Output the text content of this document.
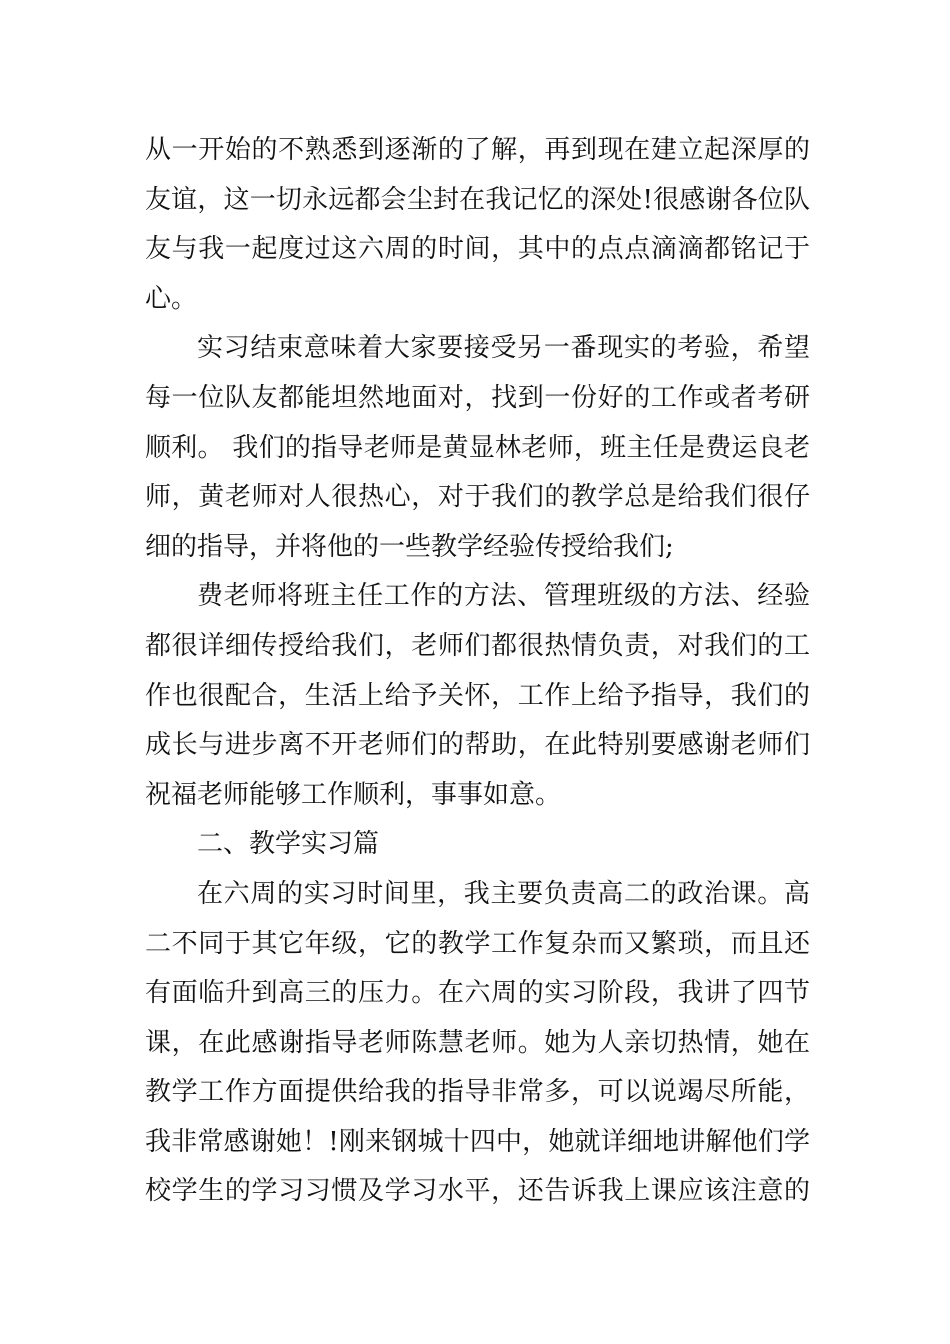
从一开始的不熟悉到逐渐的了解，再到现在建立起深厚的
友谊，这一切永远都会尘封在我记忆的深处!很感谢各位队
友与我一起度过这六周的时间，其中的点点滴滴都铭记于
心。
实习结束意味着大家要接受另一番现实的考验，希望
每一位队友都能坦然地面对，找到一份好的工作或者考研
顺利。 我们的指导老师是黄显林老师，班主任是费运良老
师，黄老师对人很热心，对于我们的教学总是给我们很仔
细的指导，并将他的一些教学经验传授给我们;
费老师将班主任工作的方法、管理班级的方法、经验
都很详细传授给我们，老师们都很热情负责，对我们的工
作也很配合，生活上给予关怀，工作上给予指导，我们的
成长与进步离不开老师们的帮助，在此特别要感谢老师们
祝福老师能够工作顺利，事事如意。
二、教学实习篇
在六周的实习时间里，我主要负责高二的政治课。高
二不同于其它年级，它的教学工作复杂而又繁琐，而且还
有面临升到高三的压力。在六周的实习阶段，我讲了四节
课，在此感谢指导老师陈慧老师。她为人亲切热情，她在
教学工作方面提供给我的指导非常多，可以说竭尽所能，
我非常感谢她！!刚来钢城十四中，她就详细地讲解他们学
校学生的学习习惯及学习水平，还告诉我上课应该注意的
